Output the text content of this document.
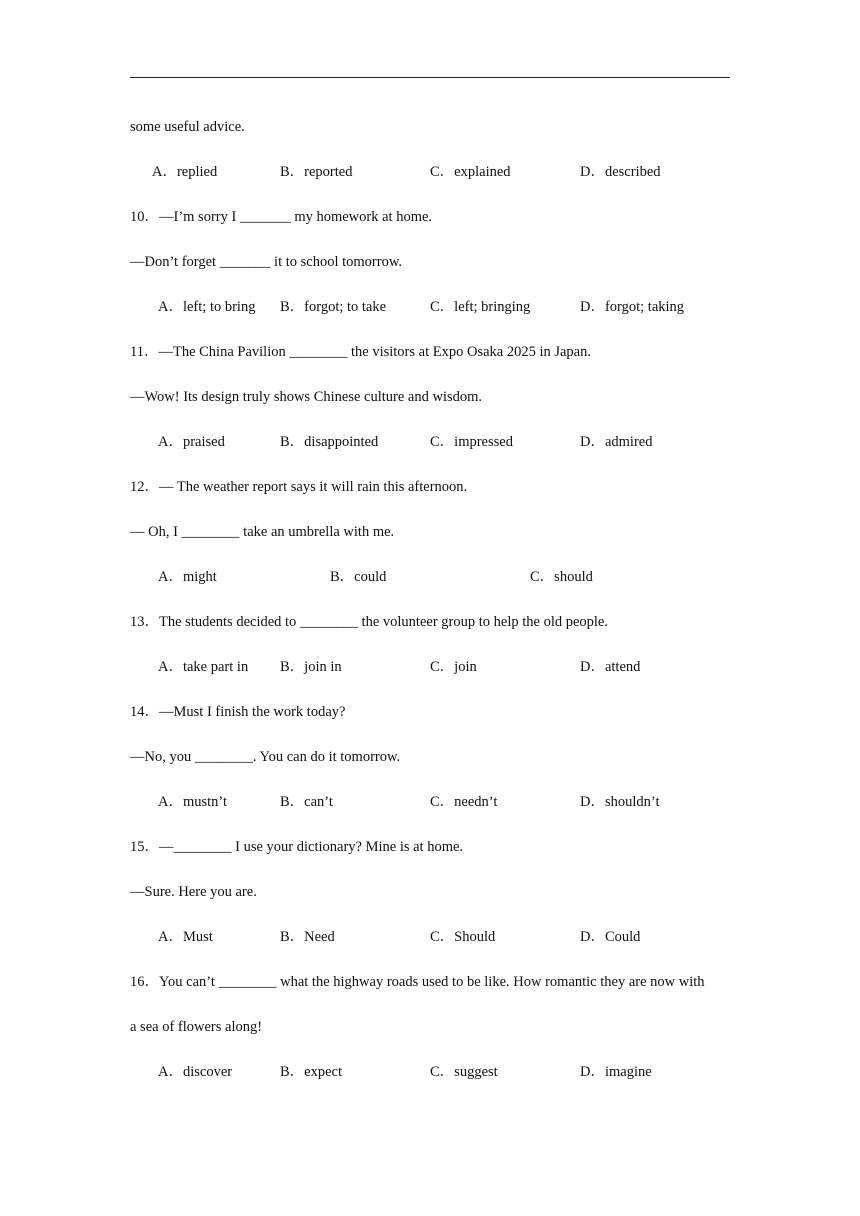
some useful advice.
A．replied	B．reported	C．explained	D．described
10．—I’m sorry I _______ my homework at home.
—Don’t forget _______ it to school tomorrow.
A．left; to bring B．forgot; to take	C．left; bringing	D．forgot; taking
11．—The China Pavilion ________ the visitors at Expo Osaka 2025 in Japan.
—Wow! Its design truly shows Chinese culture and wisdom.
A．praised	B．disappointed	C．impressed	D．admired
12．— The weather report says it will rain this afternoon.
— Oh, I ________ take an umbrella with me.
A．might	B．could	C．should
13．The students decided to ________ the volunteer group to help the old people.
A．take part in B．join in	C．join	D．attend
14．—Must I finish the work today?
—No, you ________. You can do it tomorrow.
A．mustn’t	B．can’t	C．needn’t	D．shouldn’t
15．—________ I use your dictionary? Mine is at home.
—Sure. Here you are.
A．Must	B．Need	C．Should	D．Could
16．You can’t ________ what the highway roads used to be like. How romantic they are now with
a sea of flowers along!
A．discover	B．expect	C．suggest	D．imagine
